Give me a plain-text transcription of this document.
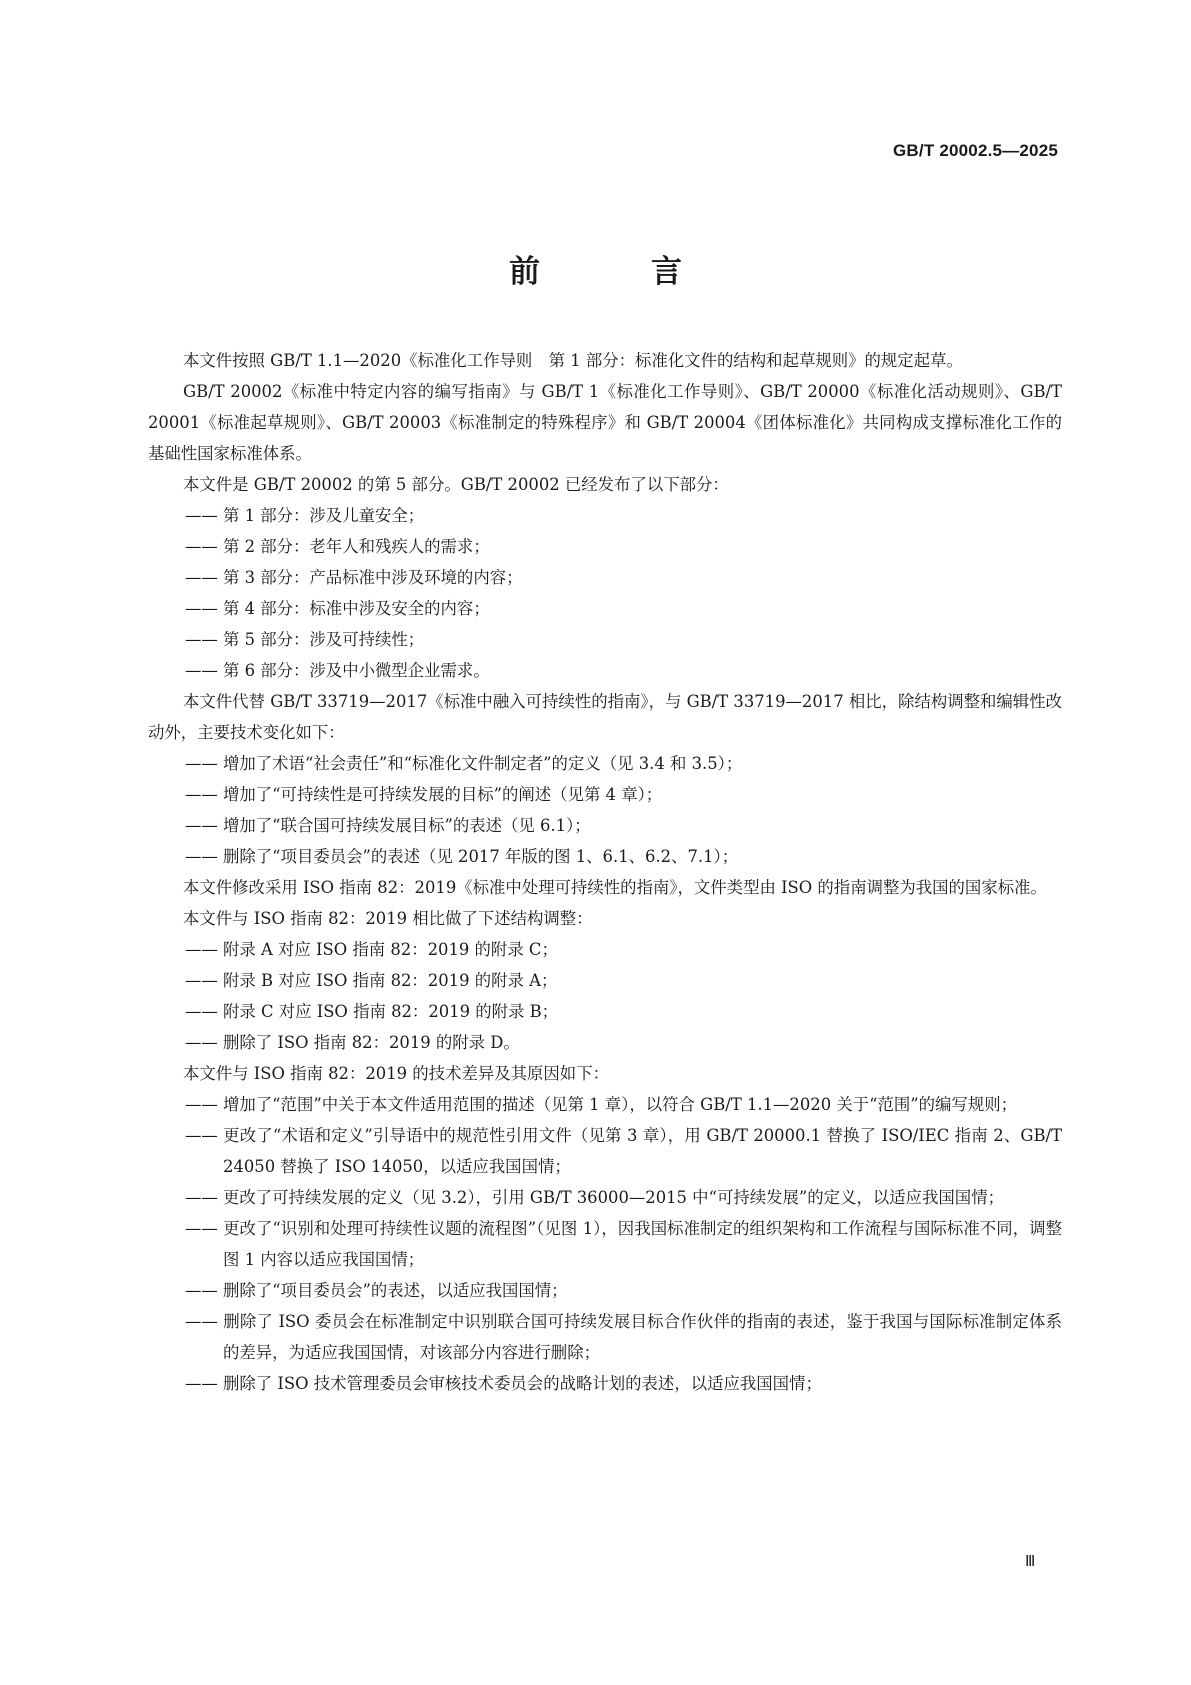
GB/T 20002.5—2025
前　言

本文件按照 GB/T 1.1—2020《标准化工作导则　第 1 部分：标准化文件的结构和起草规则》的规定起草。

GB/T 20002《标准中特定内容的编写指南》与 GB/T 1《标准化工作导则》、GB/T 20000《标准化活动规则》、GB/T 20001《标准起草规则》、GB/T 20003《标准制定的特殊程序》和 GB/T 20004《团体标准化》共同构成支撑标准化工作的基础性国家标准体系。

本文件是 GB/T 20002 的第 5 部分。GB/T 20002 已经发布了以下部分：

—— 第 1 部分：涉及儿童安全；

—— 第 2 部分：老年人和残疾人的需求；

—— 第 3 部分：产品标准中涉及环境的内容；

—— 第 4 部分：标准中涉及安全的内容；

—— 第 5 部分：涉及可持续性；

—— 第 6 部分：涉及中小微型企业需求。

本文件代替 GB/T 33719—2017《标准中融入可持续性的指南》，与 GB/T 33719—2017 相比，除结构调整和编辑性改动外，主要技术变化如下：

—— 增加了术语“社会责任”和“标准化文件制定者”的定义（见 3.4 和 3.5）；

—— 增加了“可持续性是可持续发展的目标”的阐述（见第 4 章）；

—— 增加了“联合国可持续发展目标”的表述（见 6.1）；

—— 删除了“项目委员会”的表述（见 2017 年版的图 1、6.1、6.2、7.1）；

本文件修改采用 ISO 指南 82：2019《标准中处理可持续性的指南》，文件类型由 ISO 的指南调整为我国的国家标准。

本文件与 ISO 指南 82：2019 相比做了下述结构调整：

—— 附录 A 对应 ISO 指南 82：2019 的附录 C；

—— 附录 B 对应 ISO 指南 82：2019 的附录 A；

—— 附录 C 对应 ISO 指南 82：2019 的附录 B；

—— 删除了 ISO 指南 82：2019 的附录 D。

本文件与 ISO 指南 82：2019 的技术差异及其原因如下：

—— 增加了“范围”中关于本文件适用范围的描述（见第 1 章），以符合 GB/T 1.1—2020 关于“范围”的编写规则；

—— 更改了“术语和定义”引导语中的规范性引用文件（见第 3 章），用 GB/T 20000.1 替换了 ISO/IEC 指南 2、GB/T 24050 替换了 ISO 14050，以适应我国国情；

—— 更改了可持续发展的定义（见 3.2），引用 GB/T 36000—2015 中“可持续发展”的定义，以适应我国国情；

—— 更改了“识别和处理可持续性议题的流程图”（见图 1），因我国标准制定的组织架构和工作流程与国际标准不同，调整图 1 内容以适应我国国情；

—— 删除了“项目委员会”的表述，以适应我国国情；

—— 删除了 ISO 委员会在标准制定中识别联合国可持续发展目标合作伙伴的指南的表述，鉴于我国与国际标准制定体系的差异，为适应我国国情，对该部分内容进行删除；

—— 删除了 ISO 技术管理委员会审核技术委员会的战略计划的表述，以适应我国国情；

Ⅲ
